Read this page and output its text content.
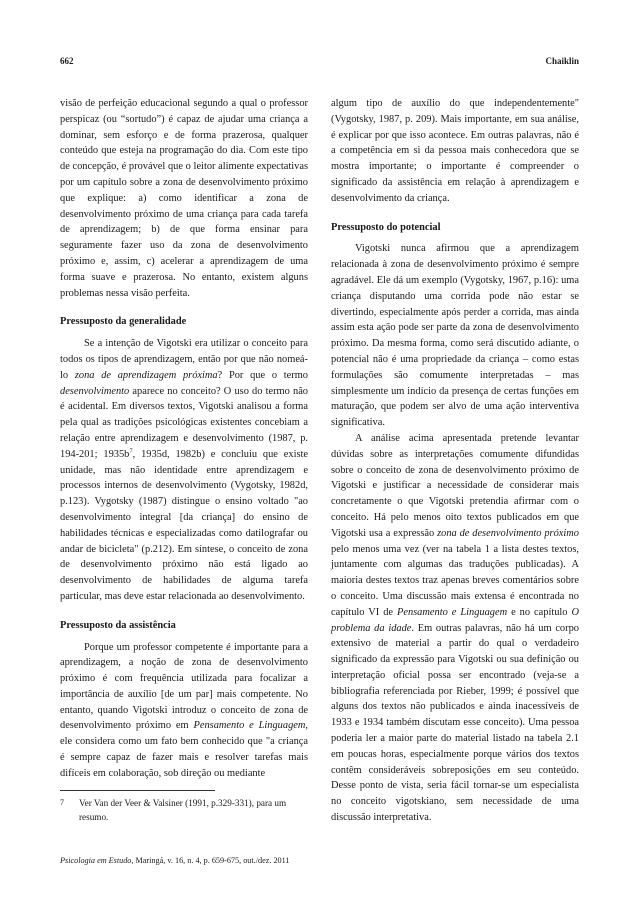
662	Chaiklin

visão de perfeição educacional segundo a qual o professor perspicaz (ou “sortudo”) é capaz de ajudar uma criança a dominar, sem esforço e de forma prazerosa, qualquer conteúdo que esteja na programação do dia. Com este tipo de concepção, é provável que o leitor alimente expectativas por um capítulo sobre a zona de desenvolvimento próximo que explique: a) como identificar a zona de desenvolvimento próximo de uma criança para cada tarefa de aprendizagem; b) de que forma ensinar para seguramente fazer uso da zona de desenvolvimento próximo e, assim, c) acelerar a aprendizagem de uma forma suave e prazerosa. No entanto, existem alguns problemas nessa visão perfeita.

Pressuposto da generalidade

Se a intenção de Vigotski era utilizar o conceito para todos os tipos de aprendizagem, então por que não nomeá-lo zona de aprendizagem próxima? Por que o termo desenvolvimento aparece no conceito? O uso do termo não é acidental. Em diversos textos, Vigotski analisou a forma pela qual as tradições psicológicas existentes concebiam a relação entre aprendizagem e desenvolvimento (1987, p. 194-201; $1935b^7$, 1935d, 1982b) e concluiu que existe unidade, mas não identidade entre aprendizagem e processos internos de desenvolvimento (Vygotsky, 1982d, p.123). Vygotsky (1987) distingue o ensino voltado "ao desenvolvimento integral [da criança] do ensino de habilidades técnicas e especializadas como datilografar ou andar de bicicleta" (p.212). Em síntese, o conceito de zona de desenvolvimento próximo não está ligado ao desenvolvimento de habilidades de alguma tarefa particular, mas deve estar relacionada ao desenvolvimento.

Pressuposto da assistência

Porque um professor competente é importante para a aprendizagem, a noção de zona de desenvolvimento próximo é com frequência utilizada para focalizar a importância de auxílio [de um par] mais competente. No entanto, quando Vigotski introduz o conceito de zona de desenvolvimento próximo em Pensamento e Linguagem, ele considera como um fato bem conhecido que "a criança é sempre capaz de fazer mais e resolver tarefas mais difíceis em colaboração, sob direção ou mediante

7	Ver Van der Veer & Valsiner (1991, p.329-331), para um resumo.

algum tipo de auxílio do que independentemente" (Vygotsky, 1987, p. 209). Mais importante, em sua análise, é explicar por que isso acontece. Em outras palavras, não é a competência em si da pessoa mais conhecedora que se mostra importante; o importante é compreender o significado da assistência em relação à aprendizagem e desenvolvimento da criança.

Pressuposto do potencial

Vigotski nunca afirmou que a aprendizagem relacionada à zona de desenvolvimento próximo é sempre agradável. Ele dá um exemplo (Vygotsky, 1967, p.16): uma criança disputando uma corrida pode não estar se divertindo, especialmente após perder a corrida, mas ainda assim esta ação pode ser parte da zona de desenvolvimento próximo. Da mesma forma, como será discutido adiante, o potencial não é uma propriedade da criança – como estas formulações são comumente interpretadas – mas simplesmente um indício da presença de certas funções em maturação, que podem ser alvo de uma ação interventiva significativa.

A análise acima apresentada pretende levantar dúvidas sobre as interpretações comumente difundidas sobre o conceito de zona de desenvolvimento próximo de Vigotski e justificar a necessidade de considerar mais concretamente o que Vigotski pretendia afirmar com o conceito. Há pelo menos oito textos publicados em que Vigotski usa a expressão zona de desenvolvimento próximo pelo menos uma vez (ver na tabela 1 a lista destes textos, juntamente com algumas das traduções publicadas). A maioria destes textos traz apenas breves comentários sobre o conceito. Uma discussão mais extensa é encontrada no capítulo VI de Pensamento e Linguagem e no capítulo O problema da idade. Em outras palavras, não há um corpo extensivo de material a partir do qual o verdadeiro significado da expressão para Vigotski ou sua definição ou interpretação oficial possa ser encontrado (veja-se a bibliografia referenciada por Rieber, 1999; é possível que alguns dos textos não publicados e ainda inacessíveis de 1933 e 1934 também discutam esse conceito). Uma pessoa poderia ler a maior parte do material listado na tabela 2.1 em poucas horas, especialmente porque vários dos textos contêm consideráveis sobreposições em seu conteúdo. Desse ponto de vista, seria fácil tornar-se um especialista no conceito vigotskiano, sem necessidade de uma discussão interpretativa.

Psicologia em Estudo, Maringá, v. 16, n. 4, p. 659-675, out./dez. 2011
